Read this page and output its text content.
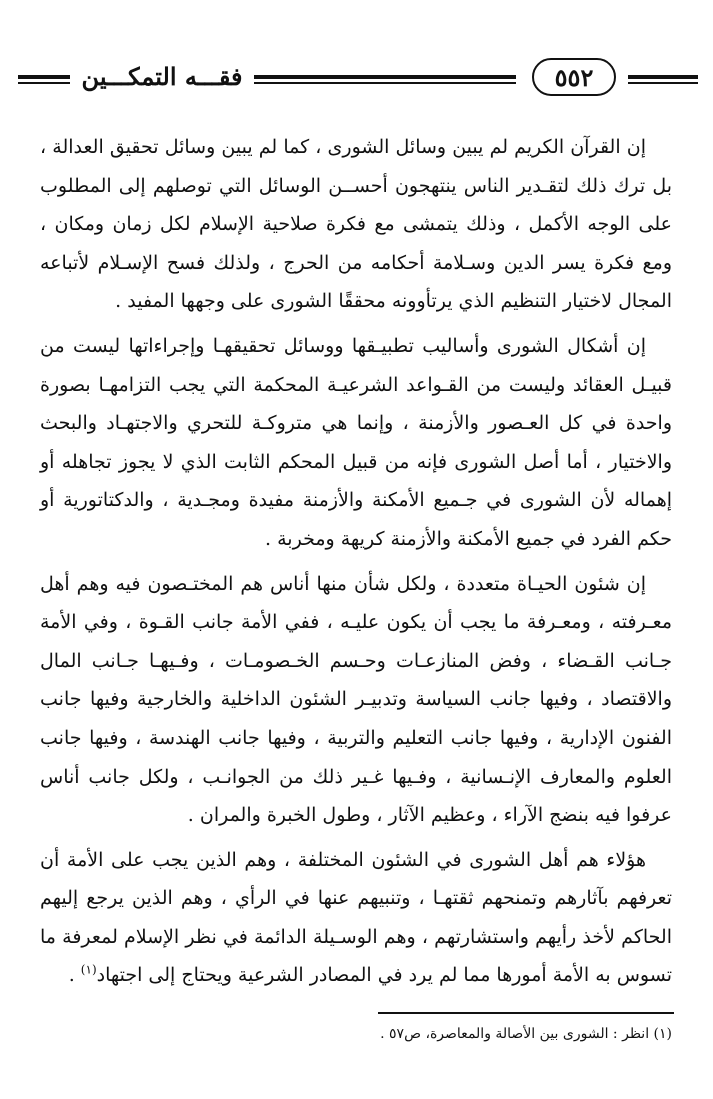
فقـــه التمكـــين	٥٥٢

إن القرآن الكريم لم يبين وسائل الشورى ، كما لم يبين وسائل تحقيق العدالة ، بل ترك ذلك لتقـدير الناس ينتهجون أحســن الوسائل التي توصلهم إلى المطلوب على الوجه الأكمل ، وذلك يتمشى مع فكرة صلاحية الإسلام لكل زمان ومكان ، ومع فكرة يسر الدين وسـلامة أحكامه من الحرج ، ولذلك فسح الإسـلام لأتباعه المجال لاختيار التنظيم الذي يرتأوونه محققًا الشورى على وجهها المفيد .

إن أشكال الشورى وأساليب تطبيـقها ووسائل تحقيقهـا وإجراءاتها ليست من قبيـل العقائد وليست من القـواعد الشرعيـة المحكمة التي يجب التزامهـا بصورة واحدة في كل العـصور والأزمنة ، وإنما هي متروكـة للتحري والاجتهـاد والبحث والاختيار ، أما أصل الشورى فإنه من قبيل المحكم الثابت الذي لا يجوز تجاهله أو إهماله لأن الشورى في جـميع الأمكنة والأزمنة مفيدة ومجـدية ، والدكتاتورية أو حكم الفرد في جميع الأمكنة والأزمنة كريهة ومخربة .

إن شئون الحيـاة متعددة ، ولكل شأن منها أناس هم المختـصون فيه وهم أهل معـرفته ، ومعـرفة ما يجب أن يكون عليـه ، ففي الأمة جانب القـوة ، وفي الأمة جـانب القـضاء ، وفض المنازعـات وحـسم الخـصومـات ، وفـيهـا جـانب المال والاقتصاد ، وفيها جانب السياسة وتدبيـر الشئون الداخلية والخارجية وفيها جانب الفنون الإدارية ، وفيها جانب التعليم والتربية ، وفيها جانب الهندسة ، وفيها جانب العلوم والمعارف الإنـسانية ، وفـيها غـير ذلك من الجوانـب ، ولكل جانب أناس عرفوا فيه بنضج الآراء ، وعظيم الآثار ، وطول الخبرة والمران .

هؤلاء هم أهل الشورى في الشئون المختلفة ، وهم الذين يجب على الأمة أن تعرفهم بآثارهم وتمنحهم ثقتهـا ، وتنبيهم عنها في الرأي ، وهم الذين يرجع إليهم الحاكم لأخذ رأيهم واستشارتهم ، وهم الوسـيلة الدائمة في نظر الإسلام لمعرفة ما تسوس به الأمة أمورها مما لم يرد في المصادر الشرعية ويحتاج إلى اجتهاد$^{(١)}$ .

(١) انظر : الشورى بين الأصالة والمعاصرة، ص٥٧ .
